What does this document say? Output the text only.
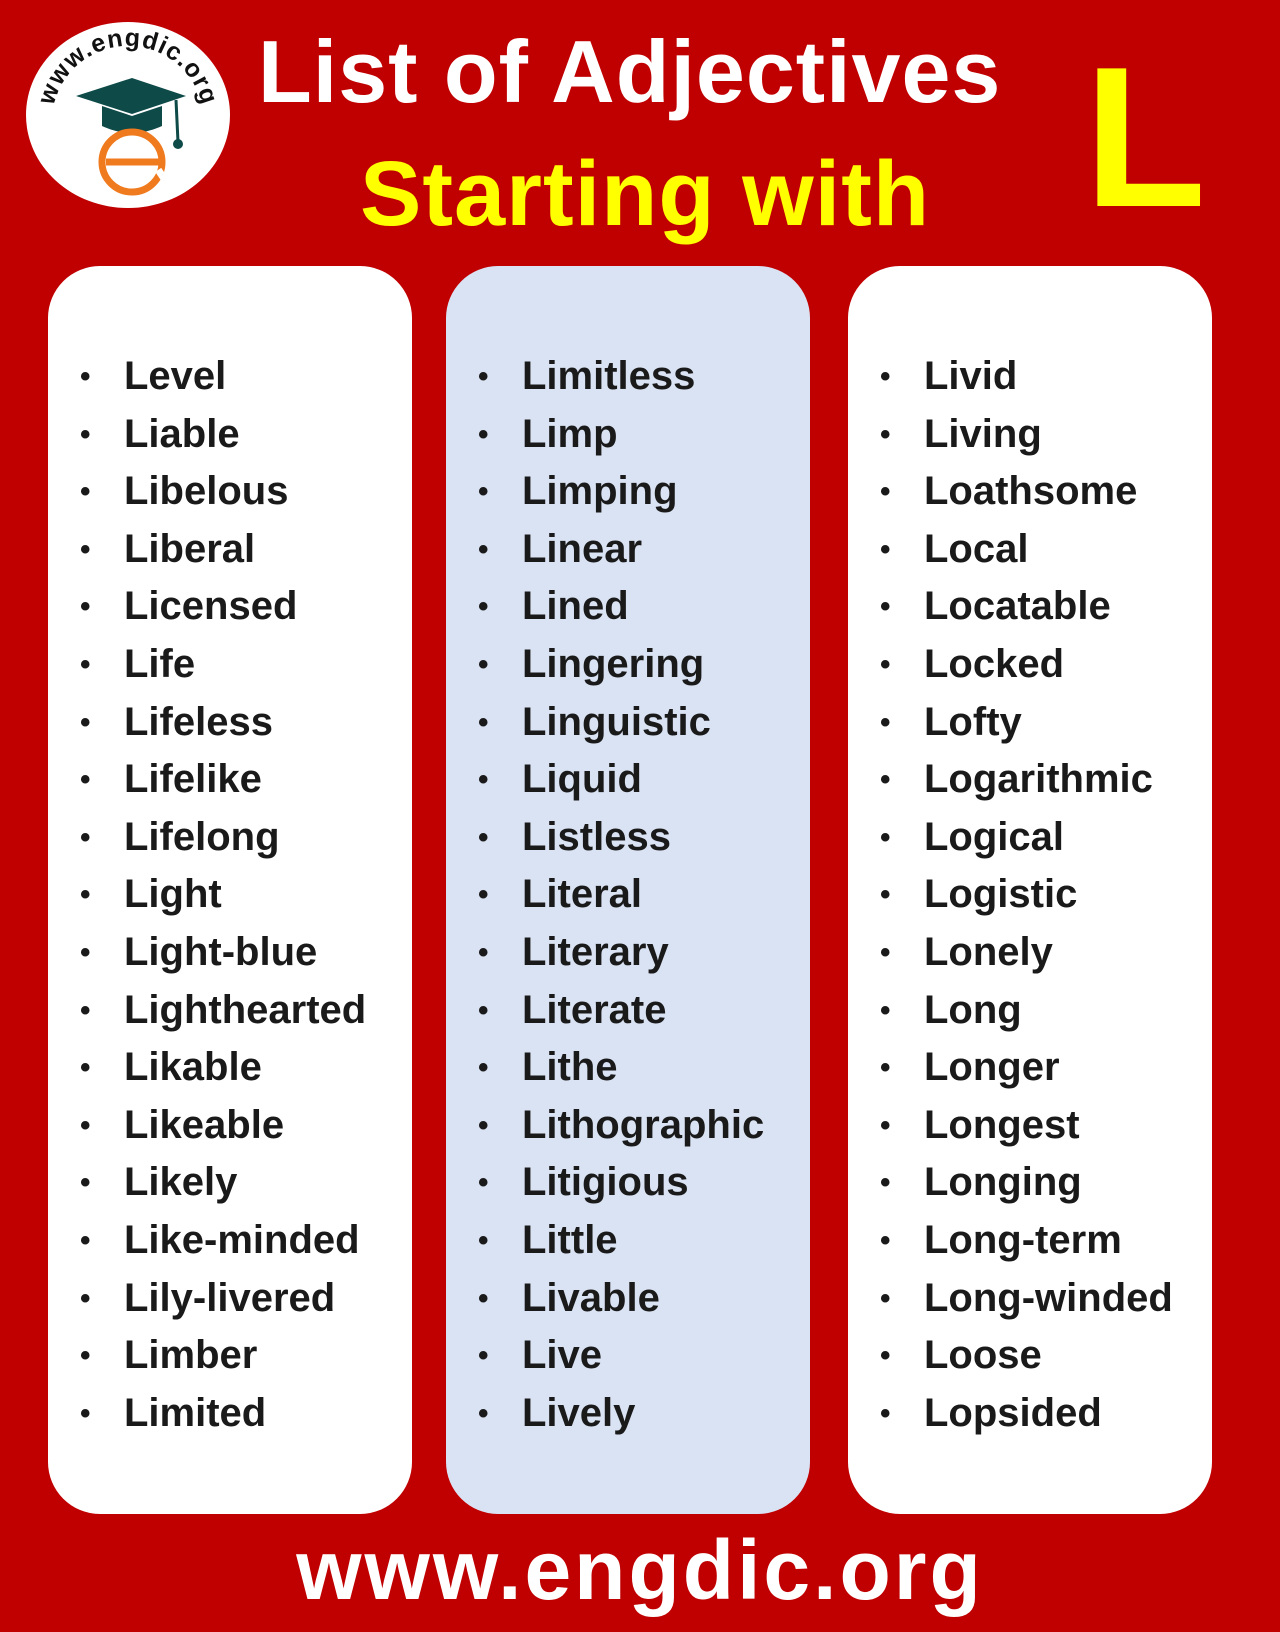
www.engdic.org List of Adjectives
Starting with L
• Level
• Liable
• Libelous
• Liberal
• Licensed
• Life
• Lifeless
• Lifelike
• Lifelong
• Light
• Light-blue
• Lighthearted
• Likable
• Likeable
• Likely
• Like-minded
• Lily-livered
• Limber
• Limited
• Limitless
• Limp
• Limping
• Linear
• Lined
• Lingering
• Linguistic
• Liquid
• Listless
• Literal
• Literary
• Literate
• Lithe
• Lithographic
• Litigious
• Little
• Livable
• Live
• Lively
• Livid
• Living
• Loathsome
• Local
• Locatable
• Locked
• Lofty
• Logarithmic
• Logical
• Logistic
• Lonely
• Long
• Longer
• Longest
• Longing
• Long-term
• Long-winded
• Loose
• Lopsided
www.engdic.org
